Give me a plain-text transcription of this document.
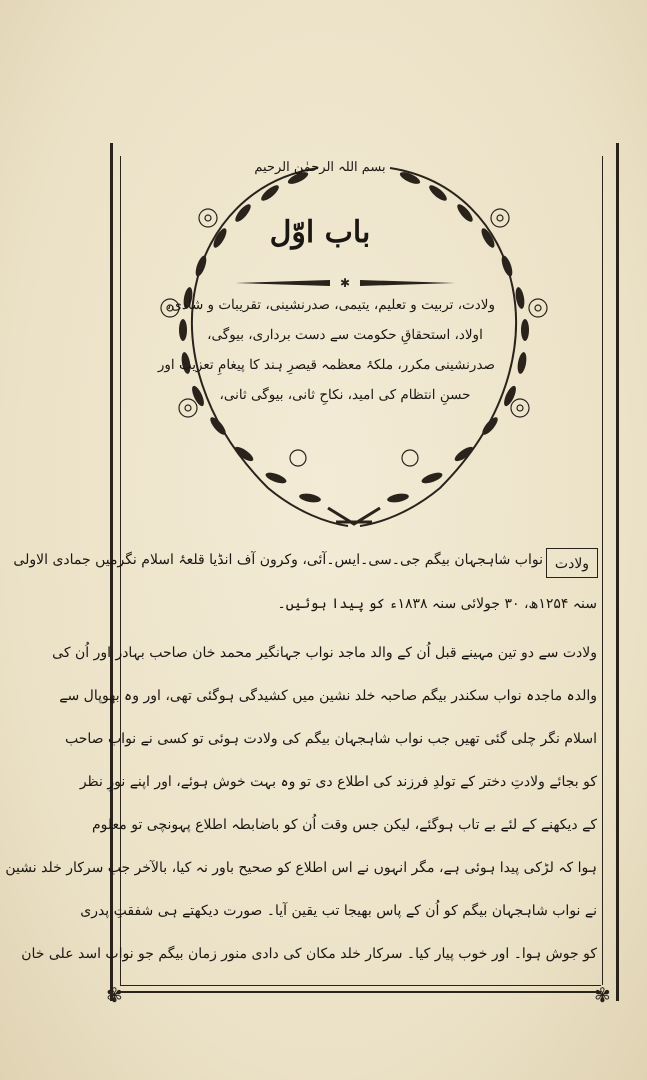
✾	✾
بسم اللہ الرحمٰن الرحیم
باب اوّل
✱
ولادت، تربیت و تعلیم، یتیمی، صدرنشینی، تقریبات و شادی،
اولاد، استحقاقِ حکومت سے دست برداری، بیوگی،
صدرنشینی مکرر، ملکۂ معظمہ قیصرِ ہند کا پیغامِ تعزیت اور
حسنِ انتظام کی امید، نکاحِ ثانی، بیوگی ثانی،
ولادت
نواب شاہجہان بیگم جی۔سی۔ایس۔آئی، وکرون آف انڈیا قلعۂ اسلام نگرمیں جمادی الاولی
سنہ ۱۲۵۴ھ، ۳۰ جولائی سنہ ۱۸۳۸ء کو پیدا ہوئیں۔
ولادت سے دو تین مہینے قبل اُن کے والد ماجد نواب جہانگیر محمد خان صاحب بہادر اور اُن کی
والدہ ماجدہ نواب سکندر بیگم صاحبہ خلد نشین میں کشیدگی ہوگئی تھی، اور وہ بھوپال سے
اسلام نگر چلی گئی تھیں جب نواب شاہجہان بیگم کی ولادت ہوئی تو کسی نے نواب صاحب
کو بجائے ولادتِ دختر کے تولدِ فرزند کی اطلاع دی تو وہ بہت خوش ہوئے، اور اپنے نورِ نظر
کے دیکھنے کے لئے بے تاب ہوگئے، لیکن جس وقت اُن کو باضابطہ اطلاع پہونچی تو معلوم
ہوا کہ لڑکی پیدا ہوئی ہے، مگر انہوں نے اس اطلاع کو صحیح باور نہ کیا، بالآخر جب سرکار خلد نشین
نے نواب شاہجہان بیگم کو اُن کے پاس بھیجا تب یقین آیا۔ صورت دیکھتے ہی شفقتِ پدری
کو جوش ہوا۔ اور خوب پیار کیا۔ سرکار خلد مکان کی دادی منور زمان بیگم جو نواب اسد علی خان
